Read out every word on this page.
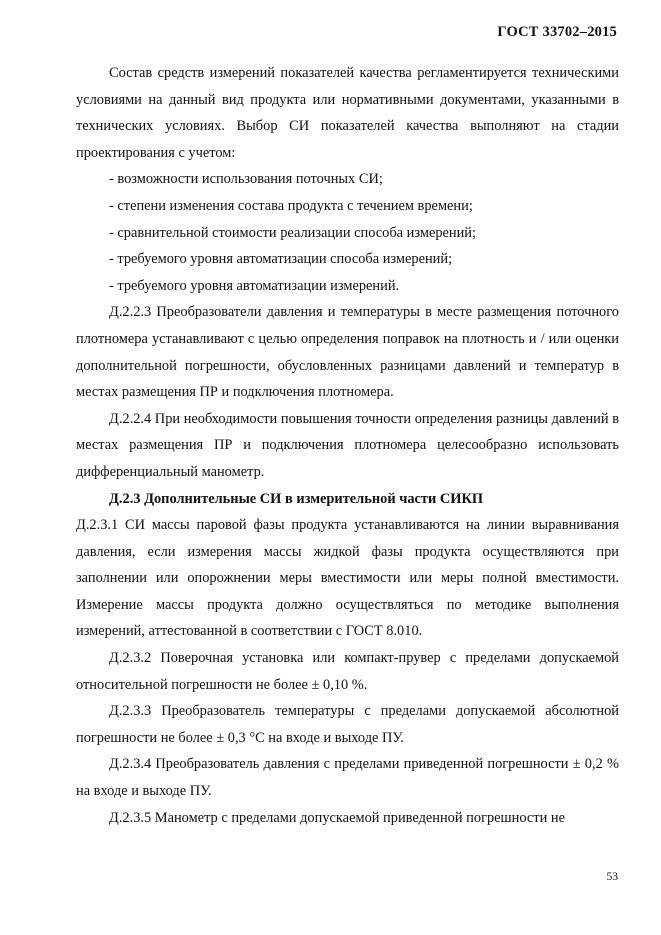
ГОСТ 33702–2015

Состав средств измерений показателей качества регламентируется техническими условиями на данный вид продукта или нормативными документами, указанными в технических условиях. Выбор СИ показателей качества выполняют на стадии проектирования с учетом:

- возможности использования поточных СИ;

- степени изменения состава продукта с течением времени;

- сравнительной стоимости реализации способа измерений;

- требуемого уровня автоматизации способа измерений;

- требуемого уровня автоматизации измерений.

Д.2.2.3 Преобразователи давления и температуры в месте размещения поточного плотномера устанавливают с целью определения поправок на плотность и / или оценки дополнительной погрешности, обусловленных разницами давлений и температур в местах размещения ПР и подключения плотномера.

Д.2.2.4 При необходимости повышения точности определения разницы давлений в местах размещения ПР и подключения плотномера целесообразно использовать дифференциальный манометр.

Д.2.3 Дополнительные СИ в измерительной части СИКП

Д.2.3.1 СИ массы паровой фазы продукта устанавливаются на линии выравнивания давления, если измерения массы жидкой фазы продукта осуществляются при заполнении или опорожнении меры вместимости или меры полной вместимости. Измерение массы продукта должно осуществляться по методике выполнения измерений, аттестованной в соответствии с ГОСТ 8.010.

Д.2.3.2 Поверочная установка или компакт-прувер с пределами допускаемой относительной погрешности не более ± 0,10 %.

Д.2.3.3 Преобразователь температуры с пределами допускаемой абсолютной погрешности не более ± 0,3 °С на входе и выходе ПУ.

Д.2.3.4 Преобразователь давления с пределами приведенной погрешности ± 0,2 % на входе и выходе ПУ.

Д.2.3.5 Манометр с пределами допускаемой приведенной погрешности не

53
